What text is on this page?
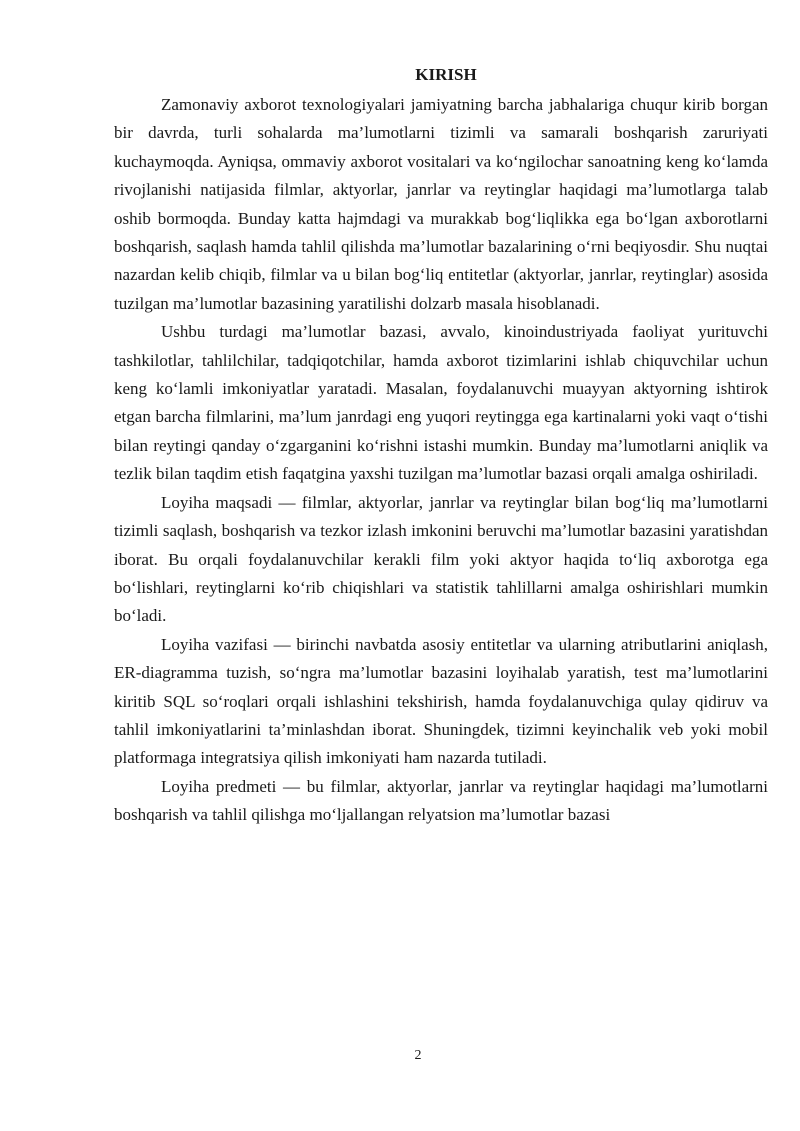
KIRISH

Zamonaviy axborot texnologiyalari jamiyatning barcha jabhalariga chuqur kirib borgan bir davrda, turli sohalarda ma’lumotlarni tizimli va samarali boshqarish zaruriyati kuchaymoqda. Ayniqsa, ommaviy axborot vositalari va ko‘ngilochar sanoatning keng ko‘lamda rivojlanishi natijasida filmlar, aktyorlar, janrlar va reytinglar haqidagi ma’lumotlarga talab oshib bormoqda. Bunday katta hajmdagi va murakkab bog‘liqlikka ega bo‘lgan axborotlarni boshqarish, saqlash hamda tahlil qilishda ma’lumotlar bazalarining o‘rni beqiyosdir. Shu nuqtai nazardan kelib chiqib, filmlar va u bilan bog‘liq entitetlar (aktyorlar, janrlar, reytinglar) asosida tuzilgan ma’lumotlar bazasining yaratilishi dolzarb masala hisoblanadi.

Ushbu turdagi ma’lumotlar bazasi, avvalo, kinoindustriyada faoliyat yurituvchi tashkilotlar, tahlilchilar, tadqiqotchilar, hamda axborot tizimlarini ishlab chiquvchilar uchun keng ko‘lamli imkoniyatlar yaratadi. Masalan, foydalanuvchi muayyan aktyorning ishtirok etgan barcha filmlarini, ma’lum janrdagi eng yuqori reytingga ega kartinalarni yoki vaqt o‘tishi bilan reytingi qanday o‘zgarganini ko‘rishni istashi mumkin. Bunday ma’lumotlarni aniqlik va tezlik bilan taqdim etish faqatgina yaxshi tuzilgan ma’lumotlar bazasi orqali amalga oshiriladi.

Loyiha maqsadi — filmlar, aktyorlar, janrlar va reytinglar bilan bog‘liq ma’lumotlarni tizimli saqlash, boshqarish va tezkor izlash imkonini beruvchi ma’lumotlar bazasini yaratishdan iborat. Bu orqali foydalanuvchilar kerakli film yoki aktyor haqida to‘liq axborotga ega bo‘lishlari, reytinglarni ko‘rib chiqishlari va statistik tahlillarni amalga oshirishlari mumkin bo‘ladi.

Loyiha vazifasi — birinchi navbatda asosiy entitetlar va ularning atributlarini aniqlash, ER-diagramma tuzish, so‘ngra ma’lumotlar bazasini loyihalab yaratish, test ma’lumotlarini kiritib SQL so‘roqlari orqali ishlashini tekshirish, hamda foydalanuvchiga qulay qidiruv va tahlil imkoniyatlarini ta’minlashdan iborat. Shuningdek, tizimni keyinchalik veb yoki mobil platformaga integratsiya qilish imkoniyati ham nazarda tutiladi.

Loyiha predmeti — bu filmlar, aktyorlar, janrlar va reytinglar haqidagi ma’lumotlarni boshqarish va tahlil qilishga mo‘ljallangan relyatsion ma’lumotlar bazasi

2
